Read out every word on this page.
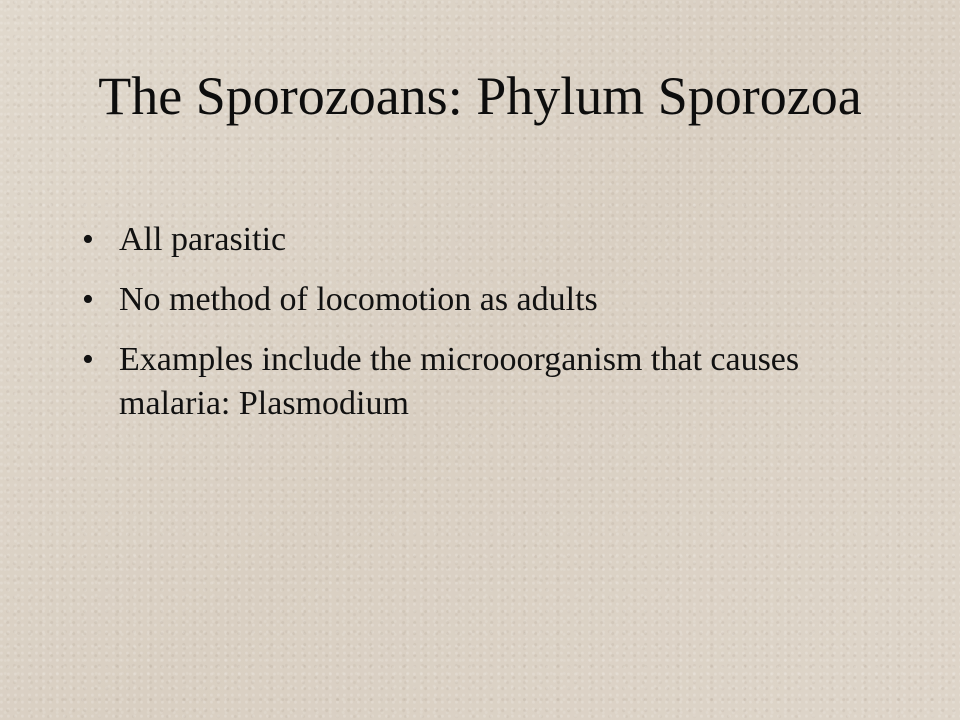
The Sporozoans: Phylum Sporozoa
• All parasitic
• No method of locomotion as adults
• Examples include the microoorganism that causes malaria: Plasmodium
